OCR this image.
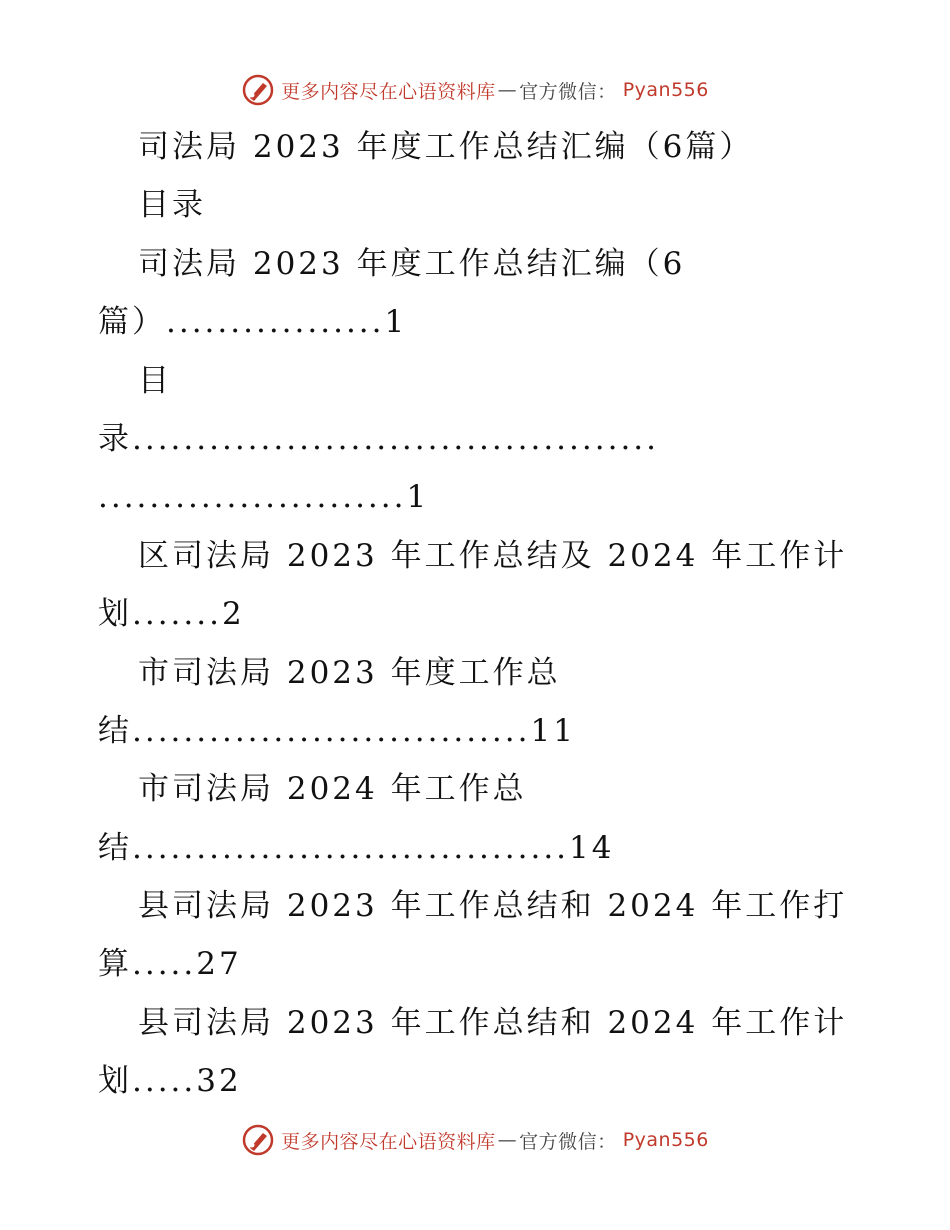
更多内容尽在心语资料库 — 官方微信： Pyan556
司法局 2023 年度工作总结汇编（6篇）
目录
司法局 2023 年度工作总结汇编（6
篇）.................1
目
录.........................................
........................1
区司法局 2023 年工作总结及 2024 年工作计
划.......2
市司法局 2023 年度工作总
结...............................11
市司法局 2024 年工作总
结..................................14
县司法局 2023 年工作总结和 2024 年工作打
算.....27
县司法局 2023 年工作总结和 2024 年工作计
划.....32
更多内容尽在心语资料库 — 官方微信： Pyan556
